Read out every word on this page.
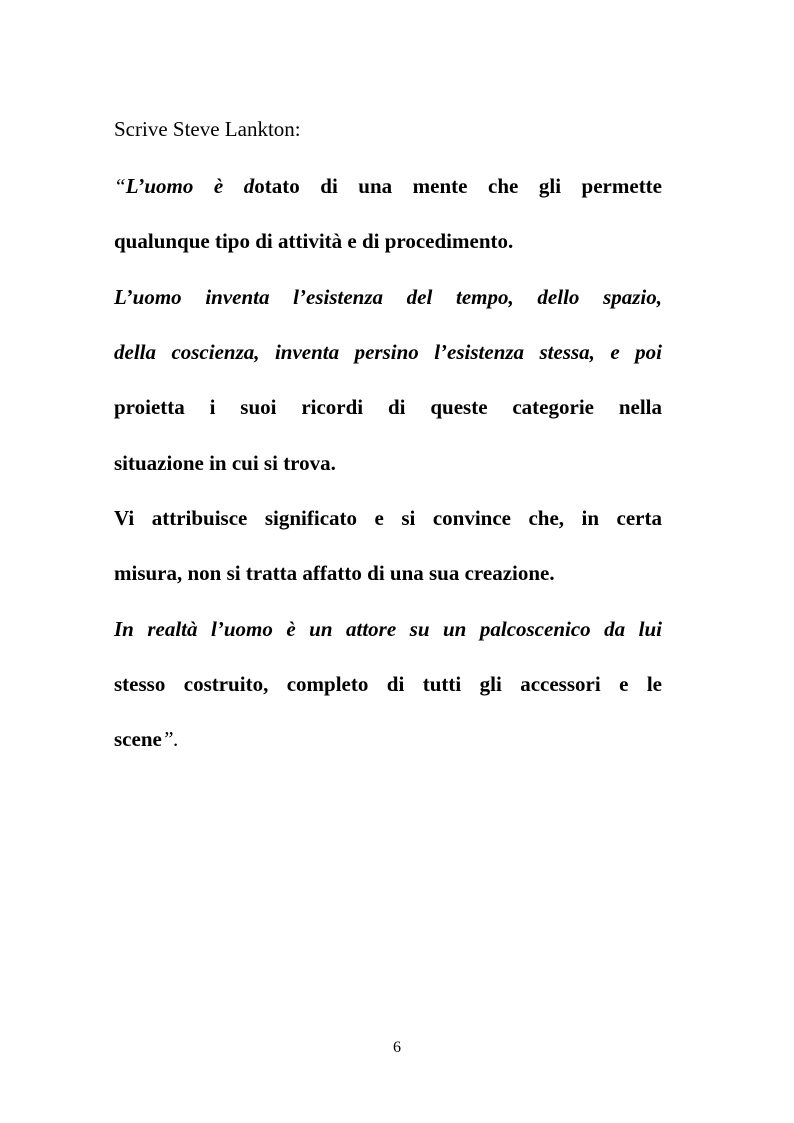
Scrive Steve Lankton:
“L’uomo è dotato di una mente che gli permette
qualunque tipo di attività e di procedimento.
L’uomo inventa l’esistenza del tempo, dello spazio,
della coscienza, inventa persino l’esistenza stessa, e poi
proietta i suoi ricordi di queste categorie nella
situazione in cui si trova.
Vi attribuisce significato e si convince che, in certa
misura, non si tratta affatto di una sua creazione.
In realtà l’uomo è un attore su un palcoscenico da lui
stesso costruito, completo di tutti gli accessori e le
scene”.
6
